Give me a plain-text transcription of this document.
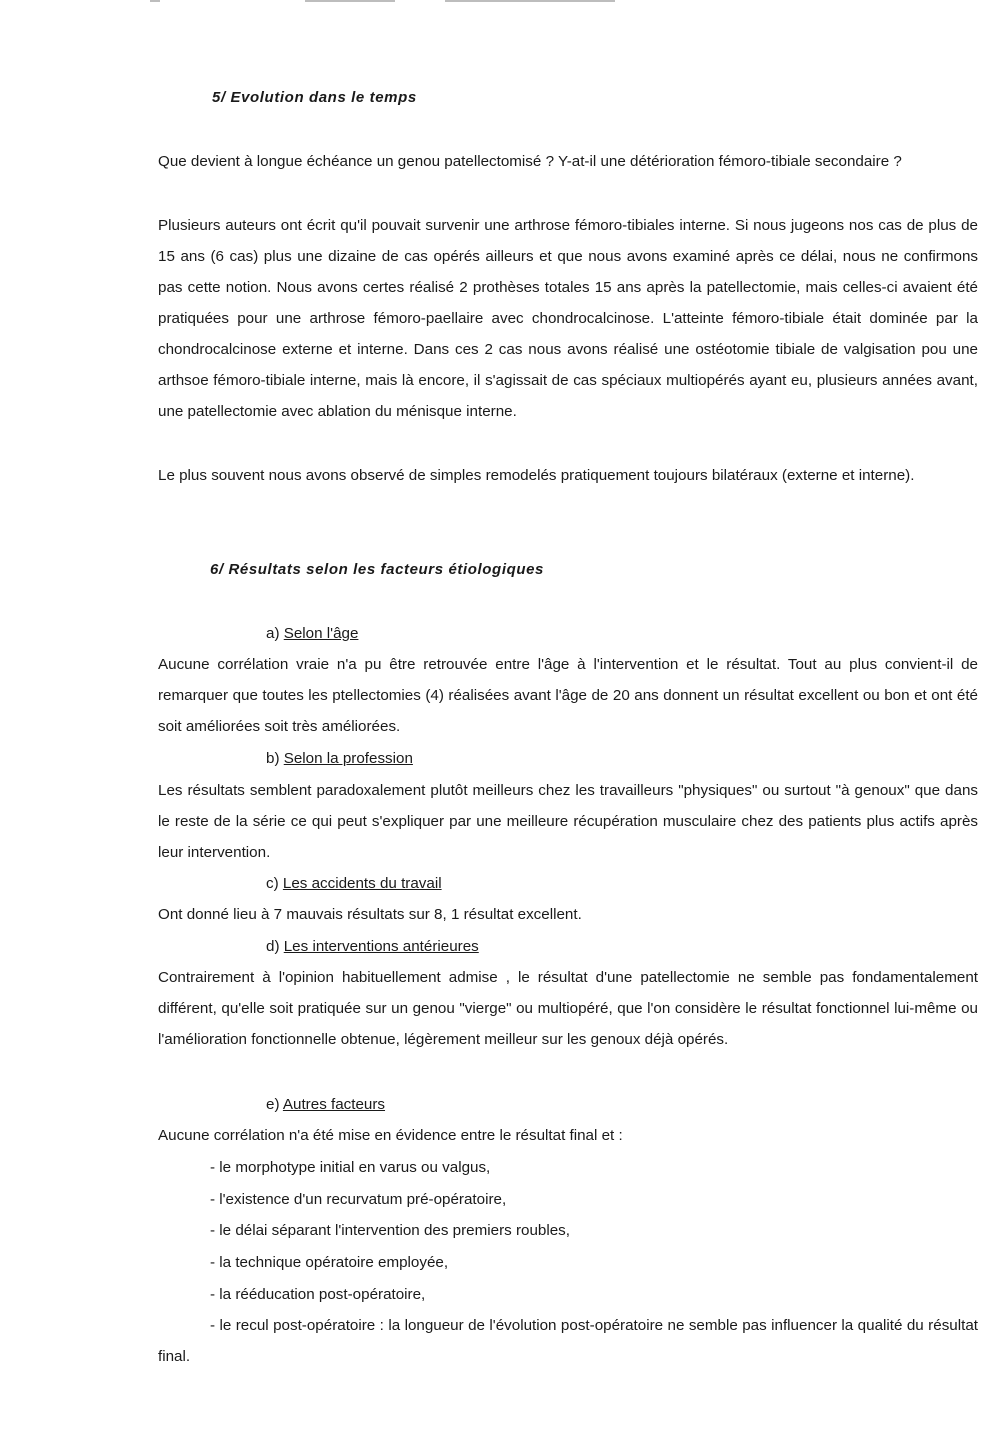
5/ Evolution dans le temps

Que devient à longue échéance un genou patellectomisé ? Y-at-il une détérioration fémoro-tibiale secondaire ?

Plusieurs auteurs ont écrit qu'il pouvait survenir une arthrose fémoro-tibiales interne. Si nous jugeons nos cas de plus de 15 ans (6 cas) plus une dizaine de cas opérés ailleurs et que nous avons examiné après ce délai, nous ne confirmons pas cette notion. Nous avons certes réalisé 2 prothèses totales 15 ans après la patellectomie, mais celles-ci avaient été pratiquées pour une arthrose fémoro-paellaire avec chondrocalcinose. L'atteinte fémoro-tibiale était dominée par la chondrocalcinose externe et interne. Dans ces 2 cas nous avons réalisé une ostéotomie tibiale de valgisation pou une arthsoe fémoro-tibiale interne, mais là encore, il s'agissait de cas spéciaux multiopérés ayant eu, plusieurs années avant, une patellectomie avec ablation du ménisque interne.

Le plus souvent nous avons observé de simples remodelés pratiquement toujours bilatéraux (externe et interne).

6/ Résultats selon les facteurs étiologiques
a) Selon l'âge

Aucune corrélation vraie n'a pu être retrouvée entre l'âge à l'intervention et le résultat. Tout au plus convient-il de remarquer que toutes les ptellectomies (4) réalisées avant l'âge de 20 ans donnent un résultat excellent ou bon et ont été soit améliorées soit très améliorées.

b) Selon la profession

Les résultats semblent paradoxalement plutôt meilleurs chez les travailleurs "physiques" ou surtout "à genoux" que dans le reste de la série ce qui peut s'expliquer par une meilleure récupération musculaire chez des patients plus actifs après leur intervention.

c) Les accidents du travail

Ont donné lieu à 7 mauvais résultats sur 8, 1 résultat excellent.

d) Les interventions antérieures

Contrairement à l'opinion habituellement admise , le résultat d'une patellectomie ne semble pas fondamentalement différent, qu'elle soit pratiquée sur un genou "vierge" ou multiopéré, que l'on considère le résultat fonctionnel lui-même ou l'amélioration fonctionnelle obtenue, légèrement meilleur sur les genoux déjà opérés.

e) Autres facteurs

Aucune corrélation n'a été mise en évidence entre le résultat final et :

- le morphotype initial en varus ou valgus,
- l'existence d'un recurvatum pré-opératoire,
- le délai séparant l'intervention des premiers roubles,
- la technique opératoire employée,
- la rééducation post-opératoire,

- le recul post-opératoire : la longueur de l'évolution post-opératoire ne semble pas influencer la qualité du résultat final.
